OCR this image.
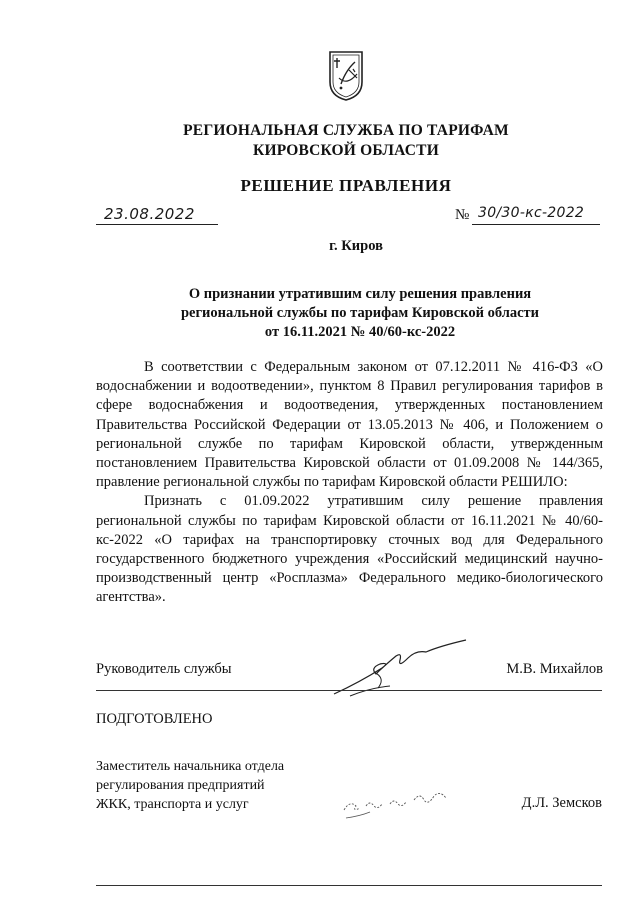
РЕГИОНАЛЬНАЯ СЛУЖБА ПО ТАРИФАМ
КИРОВСКОЙ ОБЛАСТИ
РЕШЕНИЕ ПРАВЛЕНИЯ
23.08.2022	№ 30/30-кс-2022
г. Киров
О признании утратившим силу решения правления
региональной службы по тарифам Кировской области
от 16.11.2021 № 40/60-кс-2022

В соответствии с Федеральным законом от 07.12.2011 № 416-ФЗ «О водоснабжении и водоотведении», пунктом 8 Правил регулирования тарифов в сфере водоснабжения и водоотведения, утвержденных постановлением Правительства Российской Федерации от 13.05.2013 № 406, и Положением о региональной службе по тарифам Кировской области, утвержденным постановлением Правительства Кировской области от 01.09.2008 № 144/365, правление региональной службы по тарифам Кировской области РЕШИЛО:

Признать с 01.09.2022 утратившим силу решение правления региональной службы по тарифам Кировской области от 16.11.2021 № 40/60-кс-2022 «О тарифах на транспортировку сточных вод для Федерального государственного бюджетного учреждения «Российский медицинский научно-производственный центр «Росплазма» Федерального медико-биологического агентства».

Руководитель службы	М.В. Михайлов
ПОДГОТОВЛЕНО
Заместитель начальника отдела
регулирования предприятий
ЖКК, транспорта и услуг	Д.Л. Земсков
